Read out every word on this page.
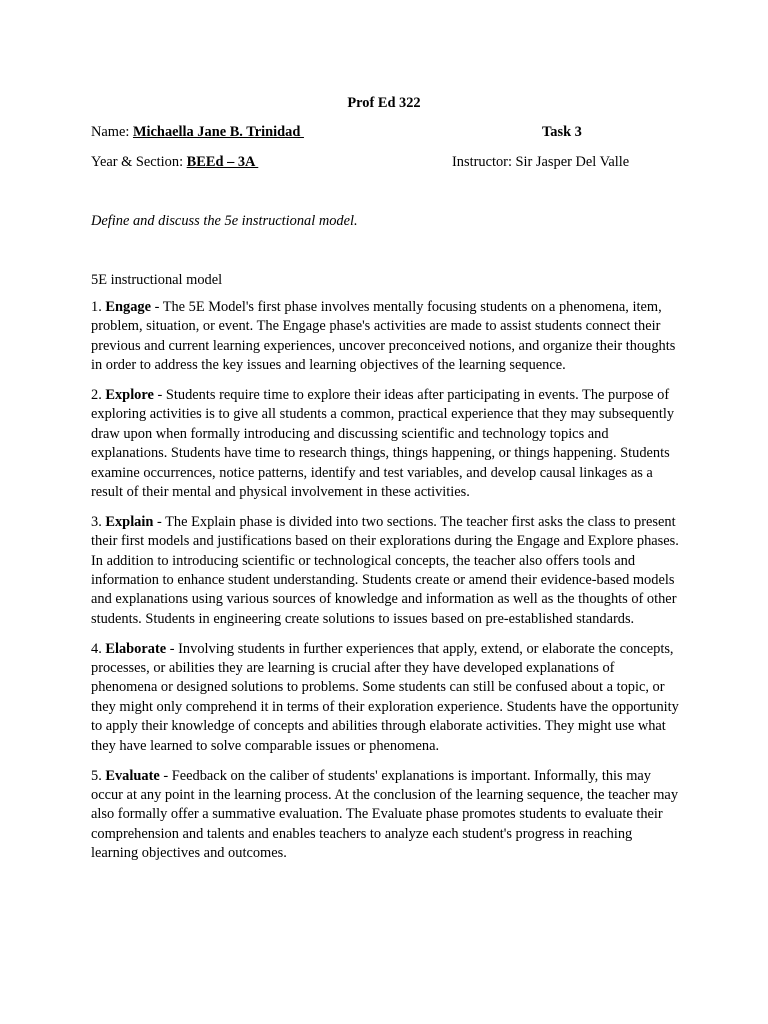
Prof Ed 322
Name: Michaella Jane B. Trinidad	Task 3
Year & Section: BEEd – 3A	Instructor: Sir Jasper Del Valle
Define and discuss the 5e instructional model.
5E instructional model

1. Engage - The 5E Model's first phase involves mentally focusing students on a phenomena, item, problem, situation, or event. The Engage phase's activities are made to assist students connect their previous and current learning experiences, uncover preconceived notions, and organize their thoughts in order to address the key issues and learning objectives of the learning sequence.

2. Explore - Students require time to explore their ideas after participating in events. The purpose of exploring activities is to give all students a common, practical experience that they may subsequently draw upon when formally introducing and discussing scientific and technology topics and explanations. Students have time to research things, things happening, or things happening. Students examine occurrences, notice patterns, identify and test variables, and develop causal linkages as a result of their mental and physical involvement in these activities.

3. Explain - The Explain phase is divided into two sections. The teacher first asks the class to present their first models and justifications based on their explorations during the Engage and Explore phases. In addition to introducing scientific or technological concepts, the teacher also offers tools and information to enhance student understanding. Students create or amend their evidence-based models and explanations using various sources of knowledge and information as well as the thoughts of other students. Students in engineering create solutions to issues based on pre-established standards.

4. Elaborate - Involving students in further experiences that apply, extend, or elaborate the concepts, processes, or abilities they are learning is crucial after they have developed explanations of phenomena or designed solutions to problems. Some students can still be confused about a topic, or they might only comprehend it in terms of their exploration experience. Students have the opportunity to apply their knowledge of concepts and abilities through elaborate activities. They might use what they have learned to solve comparable issues or phenomena.

5. Evaluate - Feedback on the caliber of students' explanations is important. Informally, this may occur at any point in the learning process. At the conclusion of the learning sequence, the teacher may also formally offer a summative evaluation. The Evaluate phase promotes students to evaluate their comprehension and talents and enables teachers to analyze each student's progress in reaching learning objectives and outcomes.
